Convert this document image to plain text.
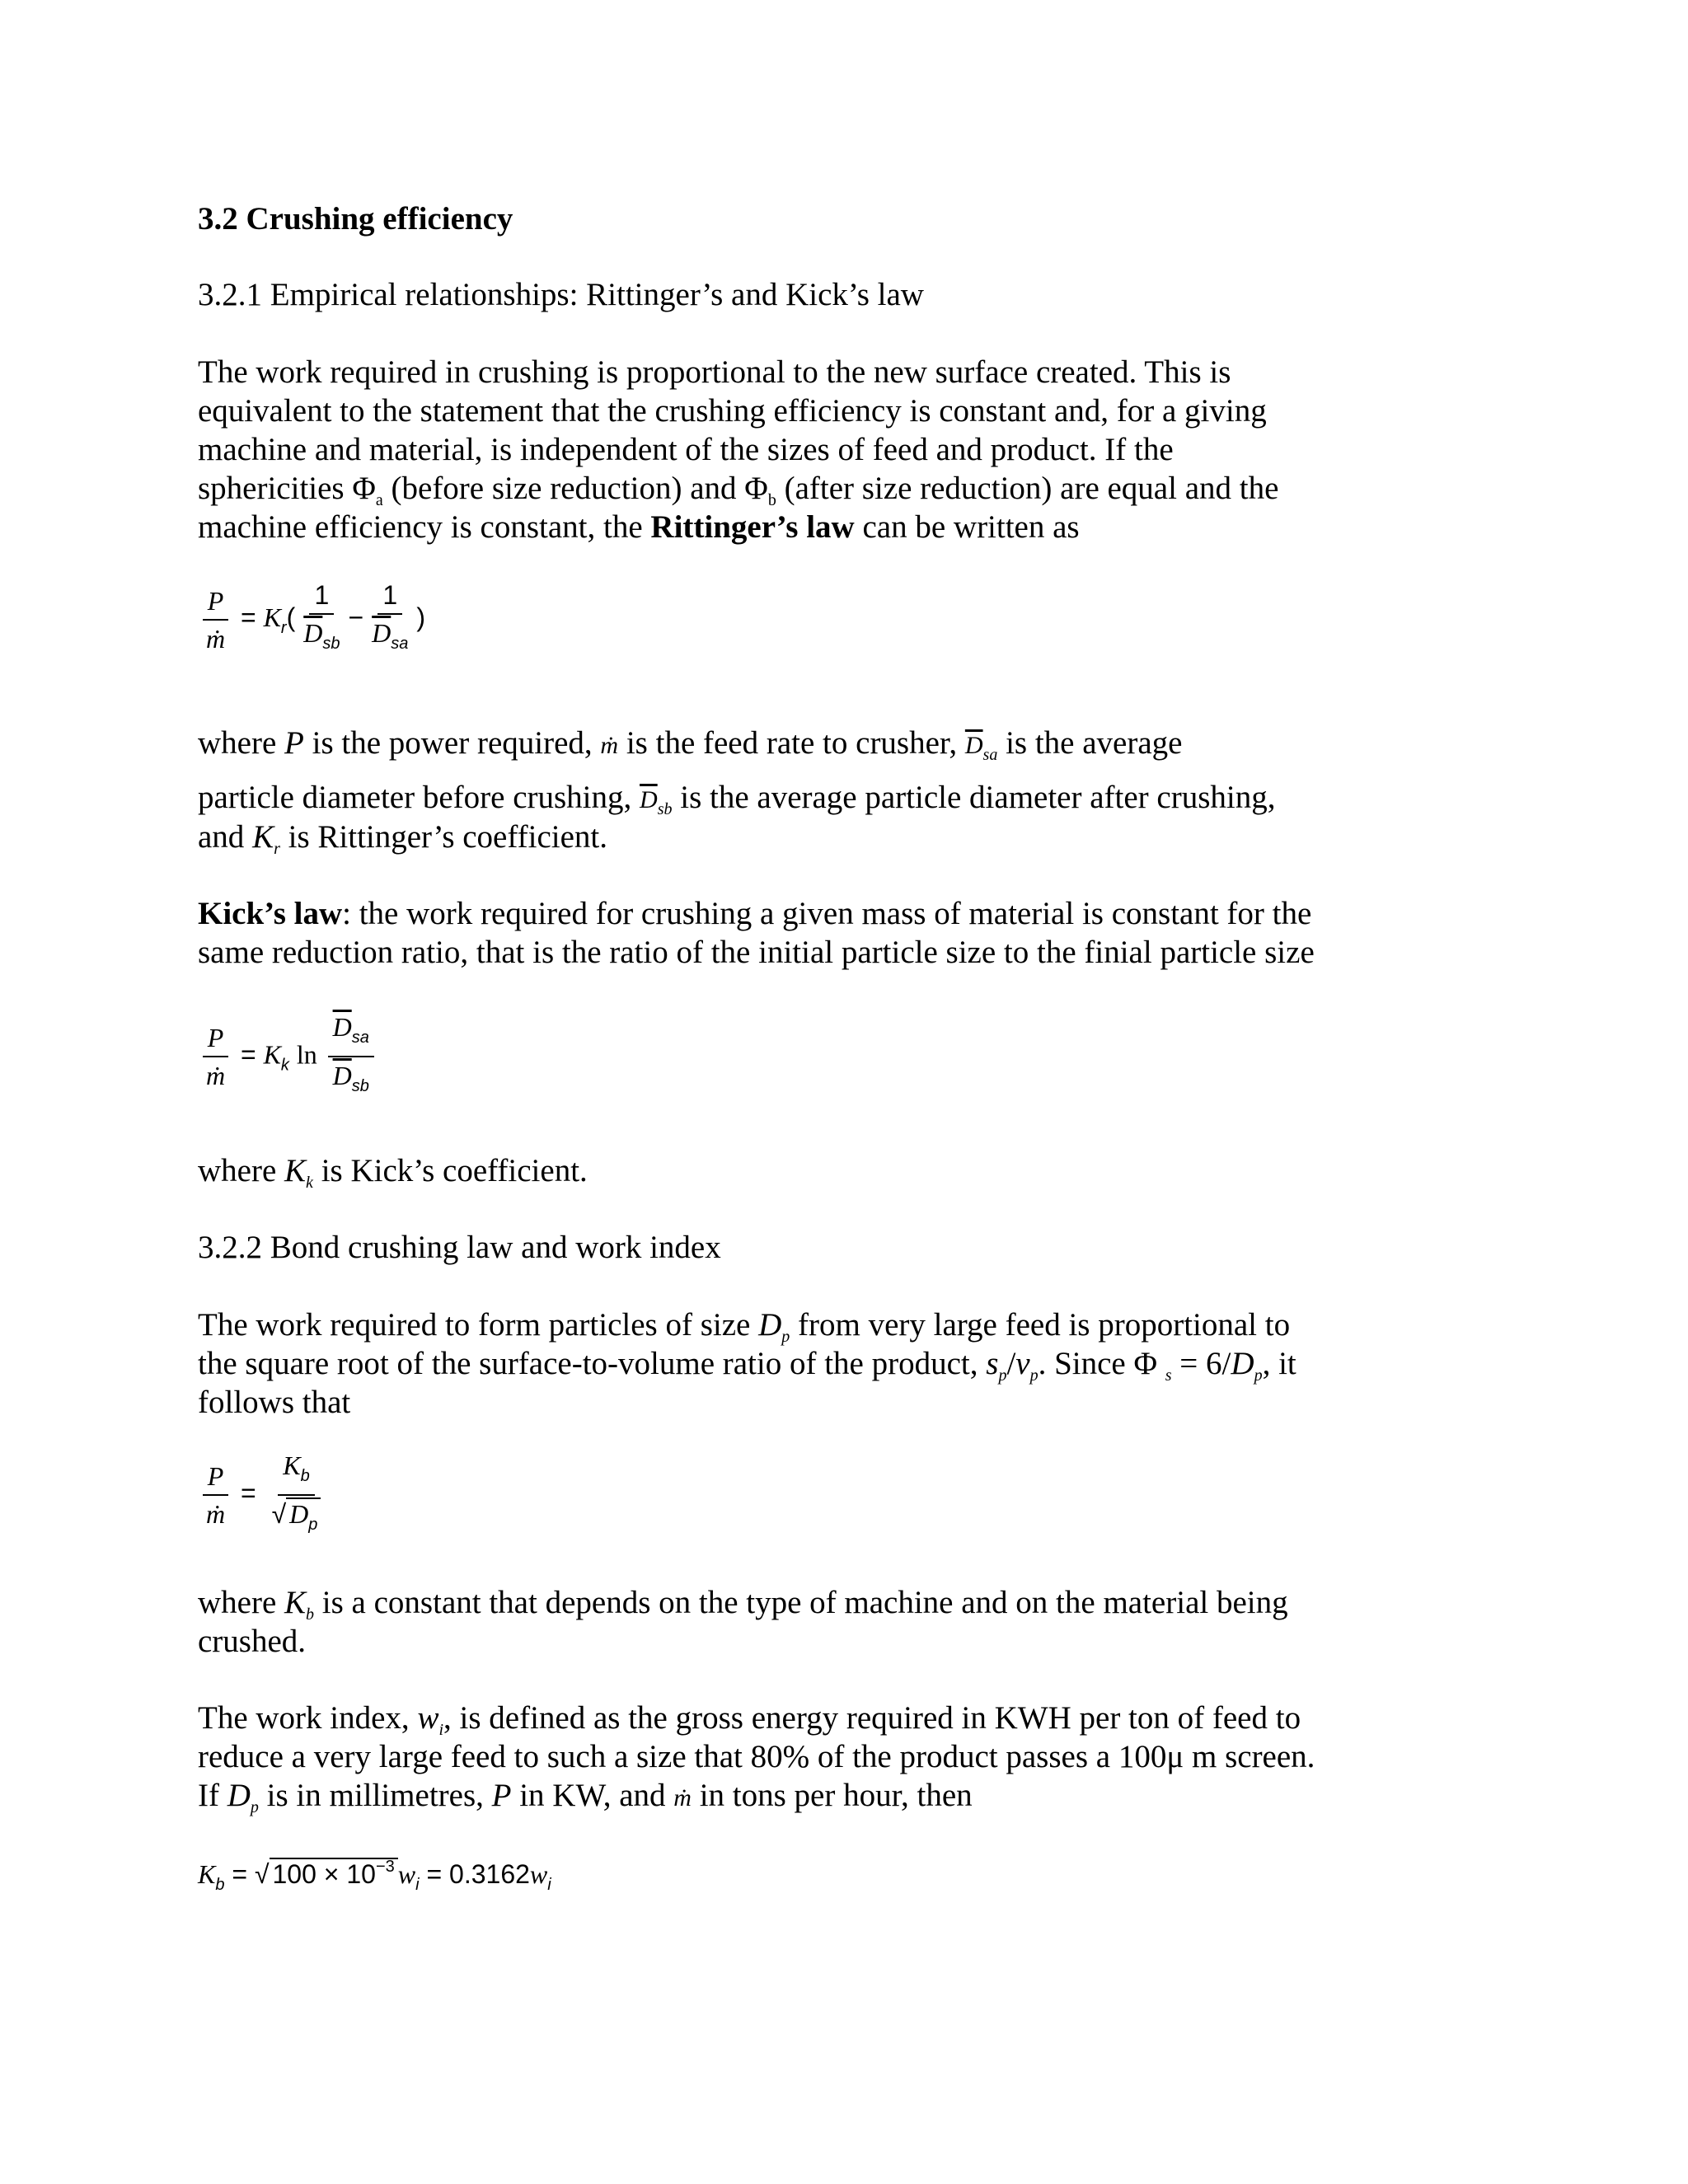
3.2 Crushing efficiency
3.2.1 Empirical relationships: Rittinger’s and Kick’s law
The work required in crushing is proportional to the new surface created. This is
equivalent to the statement that the crushing efficiency is constant and, for a giving
machine and material, is independent of the sizes of feed and product. If the
sphericities $\Phi_a$ (before size reduction) and $\Phi_b$ (after size reduction) are equal and the
machine efficiency is constant, the Rittinger’s law can be written as
$\frac{P}{\text{ṁ}} = K_r( \frac{1}{\overline{D}_{sb}} - \frac{1}{\overline{D}_{sa}}$ )
where P is the power required, ṁ is the feed rate to crusher, $\overline{D}_{sa}$ is the average
particle diameter before crushing, $\overline{D}_{sb}$ is the average particle diameter after crushing,
and $K_r$ is Rittinger’s coefficient.
Kick’s law: the work required for crushing a given mass of material is constant for the
same reduction ratio, that is the ratio of the initial particle size to the finial particle size
$\frac{P}{\text{ṁ}} = K_k$ $\ln \frac{\overline{D}_{sa}}{\overline{D}_{sb}}$
where $K_k$ is Kick’s coefficient.
3.2.2 Bond crushing law and work index
The work required to form particles of size $D_p$ from very large feed is proportional to
the square root of the surface-to-volume ratio of the product, $s_p/v_p$. Since Φ $_s = 6/D_p$, it
follows that
$\frac{P}{\text{ṁ}} = \frac{K_b}{√ D_p}$
where $K_b$ is a constant that depends on the type of machine and on the material being
crushed.
The work index, $w_i$, is defined as the gross energy required in KWH per ton of feed to
reduce a very large feed to such a size that 80% of the product passes a 100μ m screen.
If $D_p$ is in millimetres, P in KW, and ṁ in tons per hour, then
$K_b$ = √ $100 \times 10^{-3}$ $w_i = 0.3162w_i$
